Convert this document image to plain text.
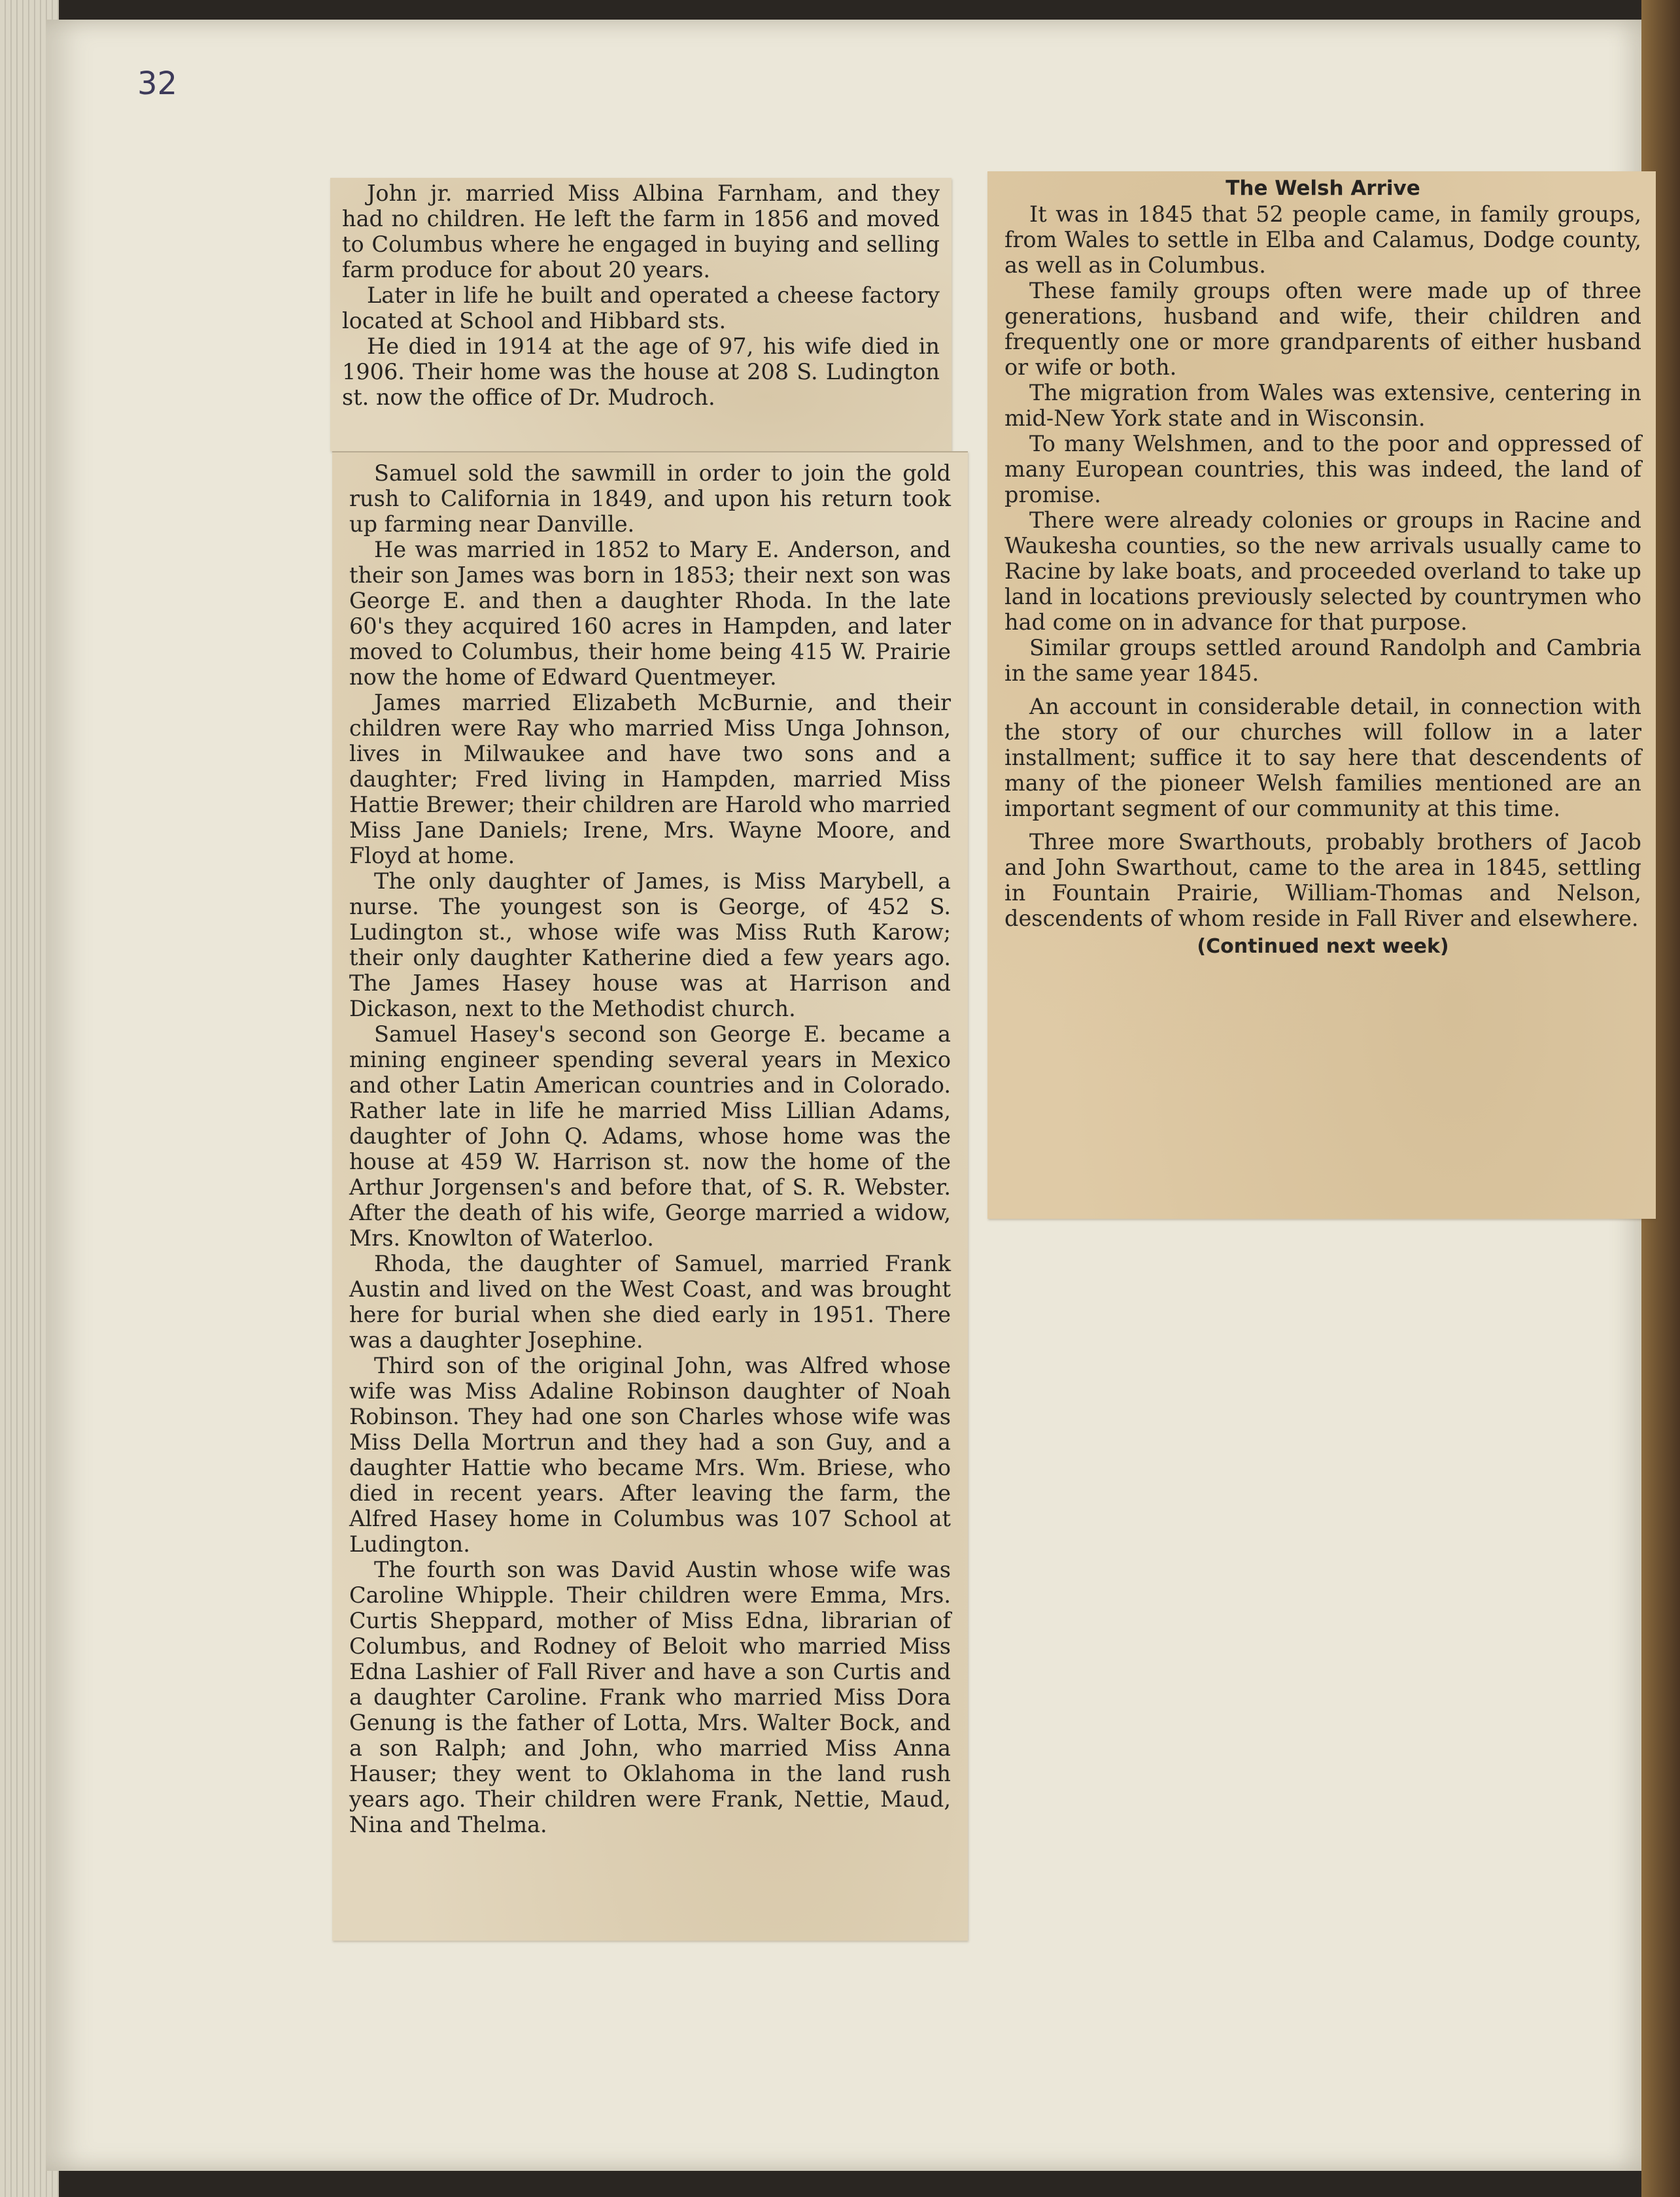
32

John jr. married Miss Albina Farnham, and they had no children. He left the farm in 1856 and moved to Columbus where he engaged in buying and selling farm produce for about 20 years.

Later in life he built and operated a cheese factory located at School and Hibbard sts.

He died in 1914 at the age of 97, his wife died in 1906. Their home was the house at 208 S. Ludington st. now the office of Dr. Mudroch.

Samuel sold the sawmill in order to join the gold rush to California in 1849, and upon his return took up farming near Danville.

He was married in 1852 to Mary E. Anderson, and their son James was born in 1853; their next son was George E. and then a daughter Rhoda. In the late 60's they acquired 160 acres in Hampden, and later moved to Columbus, their home being 415 W. Prairie now the home of Edward Quentmeyer.

James married Elizabeth McBurnie, and their children were Ray who married Miss Unga Johnson, lives in Milwaukee and have two sons and a daughter; Fred living in Hampden, married Miss Hattie Brewer; their children are Harold who married Miss Jane Daniels; Irene, Mrs. Wayne Moore, and Floyd at home.

The only daughter of James, is Miss Marybell, a nurse. The youngest son is George, of 452 S. Ludington st., whose wife was Miss Ruth Karow; their only daughter Katherine died a few years ago. The James Hasey house was at Harrison and Dickason, next to the Methodist church.

Samuel Hasey's second son George E. became a mining engineer spending several years in Mexico and other Latin American countries and in Colorado. Rather late in life he married Miss Lillian Adams, daughter of John Q. Adams, whose home was the house at 459 W. Harrison st. now the home of the Arthur Jorgensen's and before that, of S. R. Webster. After the death of his wife, George married a widow, Mrs. Knowlton of Waterloo.

Rhoda, the daughter of Samuel, married Frank Austin and lived on the West Coast, and was brought here for burial when she died early in 1951. There was a daughter Josephine.

Third son of the original John, was Alfred whose wife was Miss Adaline Robinson daughter of Noah Robinson. They had one son Charles whose wife was Miss Della Mortrun and they had a son Guy, and a daughter Hattie who became Mrs. Wm. Briese, who died in recent years. After leaving the farm, the Alfred Hasey home in Columbus was 107 School at Ludington.

The fourth son was David Austin whose wife was Caroline Whipple. Their children were Emma, Mrs. Curtis Sheppard, mother of Miss Edna, librarian of Columbus, and Rodney of Beloit who married Miss Edna Lashier of Fall River and have a son Curtis and a daughter Caroline. Frank who married Miss Dora Genung is the father of Lotta, Mrs. Walter Bock, and a son Ralph; and John, who married Miss Anna Hauser; they went to Oklahoma in the land rush years ago. Their children were Frank, Nettie, Maud, Nina and Thelma.

The Welsh Arrive

It was in 1845 that 52 people came, in family groups, from Wales to settle in Elba and Calamus, Dodge county, as well as in Columbus.

These family groups often were made up of three generations, husband and wife, their children and frequently one or more grandparents of either husband or wife or both.

The migration from Wales was extensive, centering in mid-New York state and in Wisconsin.

To many Welshmen, and to the poor and oppressed of many European countries, this was indeed, the land of promise.

There were already colonies or groups in Racine and Waukesha counties, so the new arrivals usually came to Racine by lake boats, and proceeded overland to take up land in locations previously selected by countrymen who had come on in advance for that purpose.

Similar groups settled around Randolph and Cambria in the same year 1845.

An account in considerable detail, in connection with the story of our churches will follow in a later installment; suffice it to say here that descendents of many of the pioneer Welsh families mentioned are an important segment of our community at this time.

Three more Swarthouts, probably brothers of Jacob and John Swarthout, came to the area in 1845, settling in Fountain Prairie, William-Thomas and Nelson, descendents of whom reside in Fall River and elsewhere.

(Continued next week)
